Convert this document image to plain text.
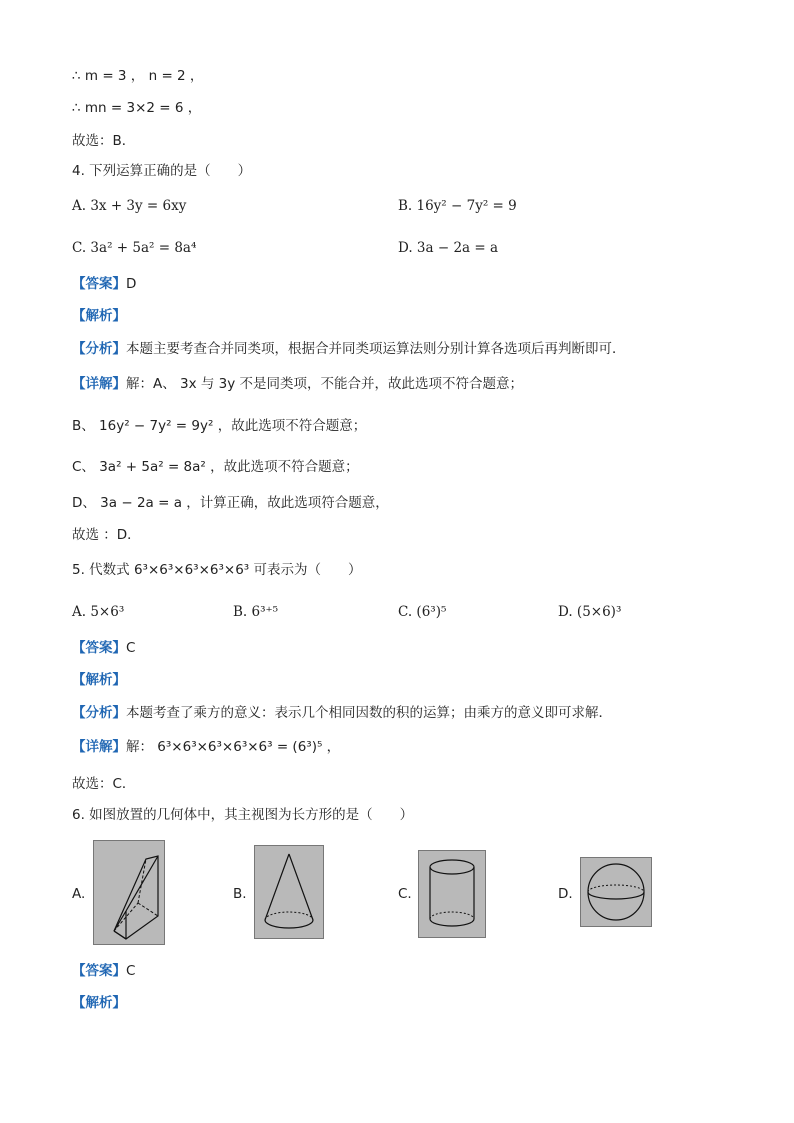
∴ m = 3 ， n = 2 ，
∴ mn = 3×2 = 6 ，
故选：B．
4. 下列运算正确的是（　　）
A. 3x + 3y = 6xy	B. 16y² − 7y² = 9
C. 3a² + 5a² = 8a⁴	D. 3a − 2a = a
【答案】D
【解析】
【分析】本题主要考查合并同类项，根据合并同类项运算法则分别计算各选项后再判断即可．
【详解】解：A、 3x 与 3y 不是同类项，不能合并，故此选项不符合题意；
B、 16y² − 7y² = 9y² ，故此选项不符合题意；
C、 3a² + 5a² = 8a² ，故此选项不符合题意；
D、 3a − 2a = a ，计算正确，故此选项符合题意，
故选 ：D．
5. 代数式 6³×6³×6³×6³×6³ 可表示为（　　）
A. 5×6³	B. 6³⁺⁵	C. (6³)⁵	D. (5×6)³
【答案】C
【解析】
【分析】本题考查了乘方的意义：表示几个相同因数的积的运算；由乘方的意义即可求解．
【详解】解： 6³×6³×6³×6³×6³ = (6³)⁵ ，
故选：C．
6. 如图放置的几何体中，其主视图为长方形的是（　　）
A.	B.	C.	D.
【答案】C
【解析】
